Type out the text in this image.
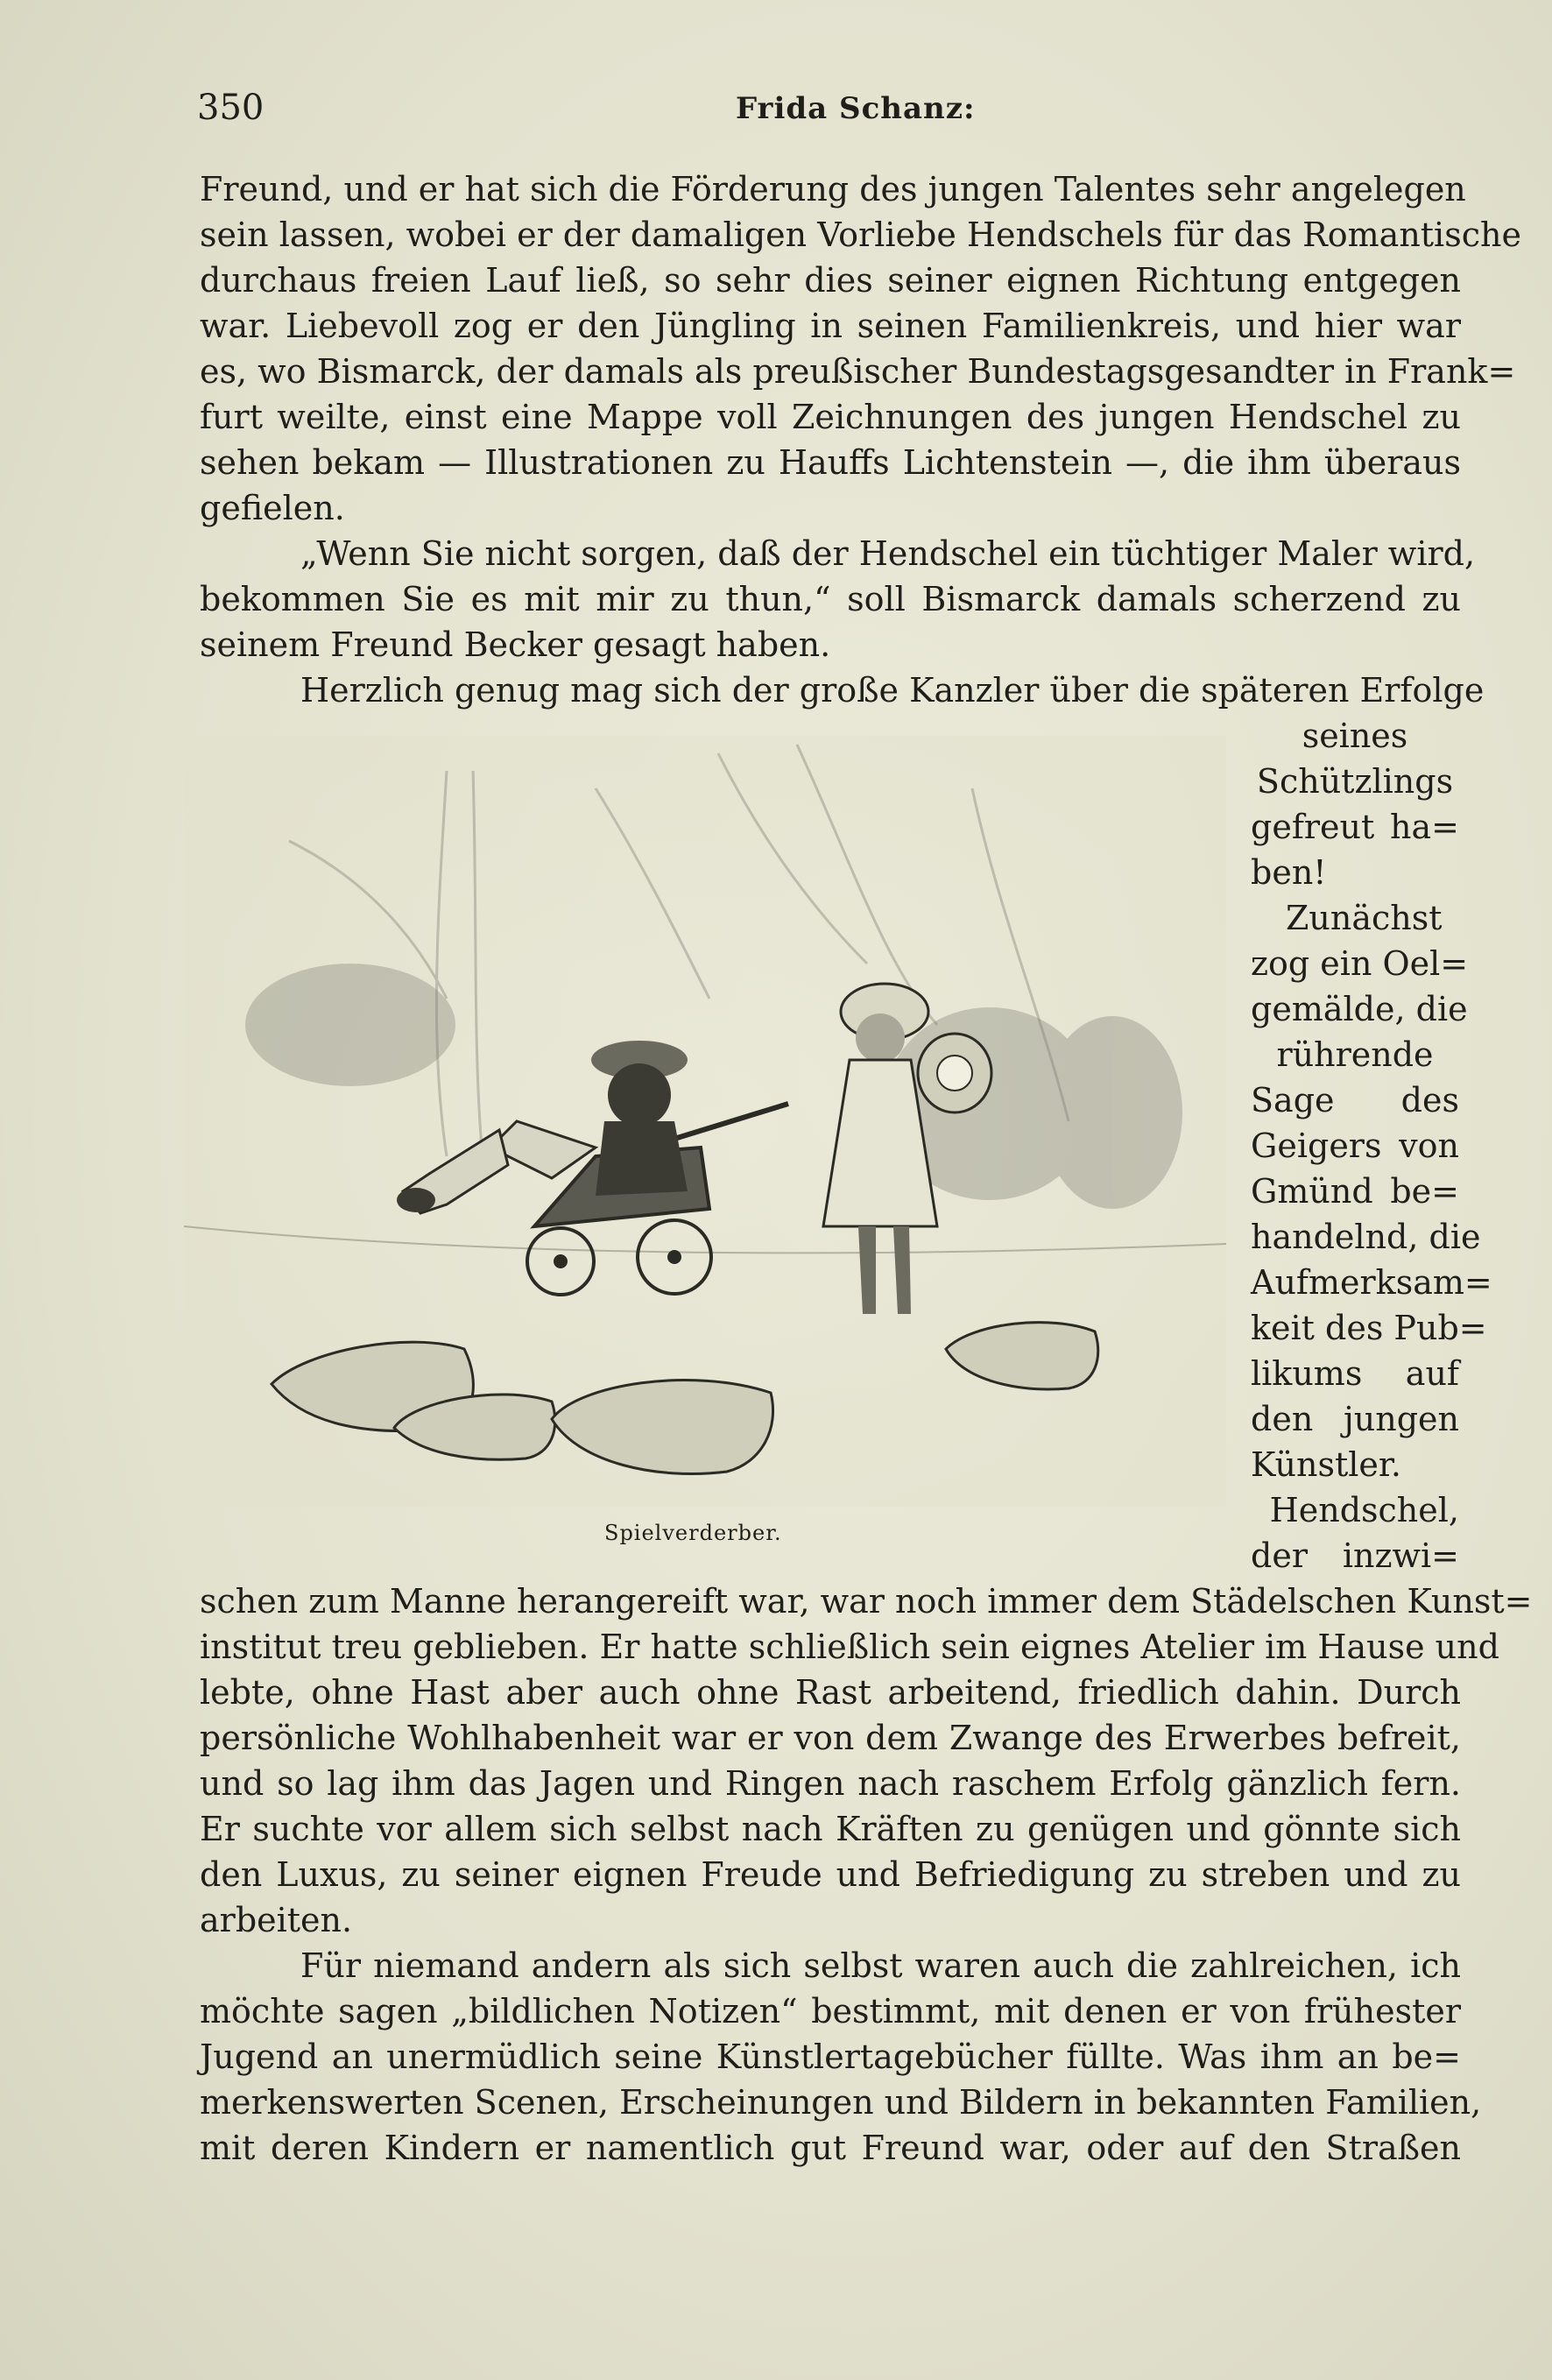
350	Frida Schanz:
Freund, und er hat sich die Förderung des jungen Talentes sehr angelegen
sein lassen, wobei er der damaligen Vorliebe Hendschels für das Romantische
durchaus freien Lauf ließ, so sehr dies seiner eignen Richtung entgegen
war. Liebevoll zog er den Jüngling in seinen Familienkreis, und hier war
es, wo Bismarck, der damals als preußischer Bundestagsgesandter in Frank=
furt weilte, einst eine Mappe voll Zeichnungen des jungen Hendschel zu
sehen bekam — Illustrationen zu Hauffs Lichtenstein —, die ihm überaus
gefielen.
„Wenn Sie nicht sorgen, daß der Hendschel ein tüchtiger Maler wird,
bekommen Sie es mit mir zu thun,“ soll Bismarck damals scherzend zu
seinem Freund Becker gesagt haben.
Herzlich genug mag sich der große Kanzler über die späteren Erfolge
seines
Schützlings
gefreut ha=
ben!
Zunächst
zog ein Oel=
gemälde, die
rührende
Sage des
Geigers von
Gmünd be=
handelnd, die
Aufmerksam=
keit des Pub=
likums auf
den jungen
Künstler.
Hendschel,
der inzwi=
Spielverderber.
schen zum Manne herangereift war, war noch immer dem Städelschen Kunst=
institut treu geblieben. Er hatte schließlich sein eignes Atelier im Hause und
lebte, ohne Hast aber auch ohne Rast arbeitend, friedlich dahin. Durch
persönliche Wohlhabenheit war er von dem Zwange des Erwerbes befreit,
und so lag ihm das Jagen und Ringen nach raschem Erfolg gänzlich fern.
Er suchte vor allem sich selbst nach Kräften zu genügen und gönnte sich
den Luxus, zu seiner eignen Freude und Befriedigung zu streben und zu
arbeiten.
Für niemand andern als sich selbst waren auch die zahlreichen, ich
möchte sagen „bildlichen Notizen“ bestimmt, mit denen er von frühester
Jugend an unermüdlich seine Künstlertagebücher füllte. Was ihm an be=
merkenswerten Scenen, Erscheinungen und Bildern in bekannten Familien,
mit deren Kindern er namentlich gut Freund war, oder auf den Straßen
